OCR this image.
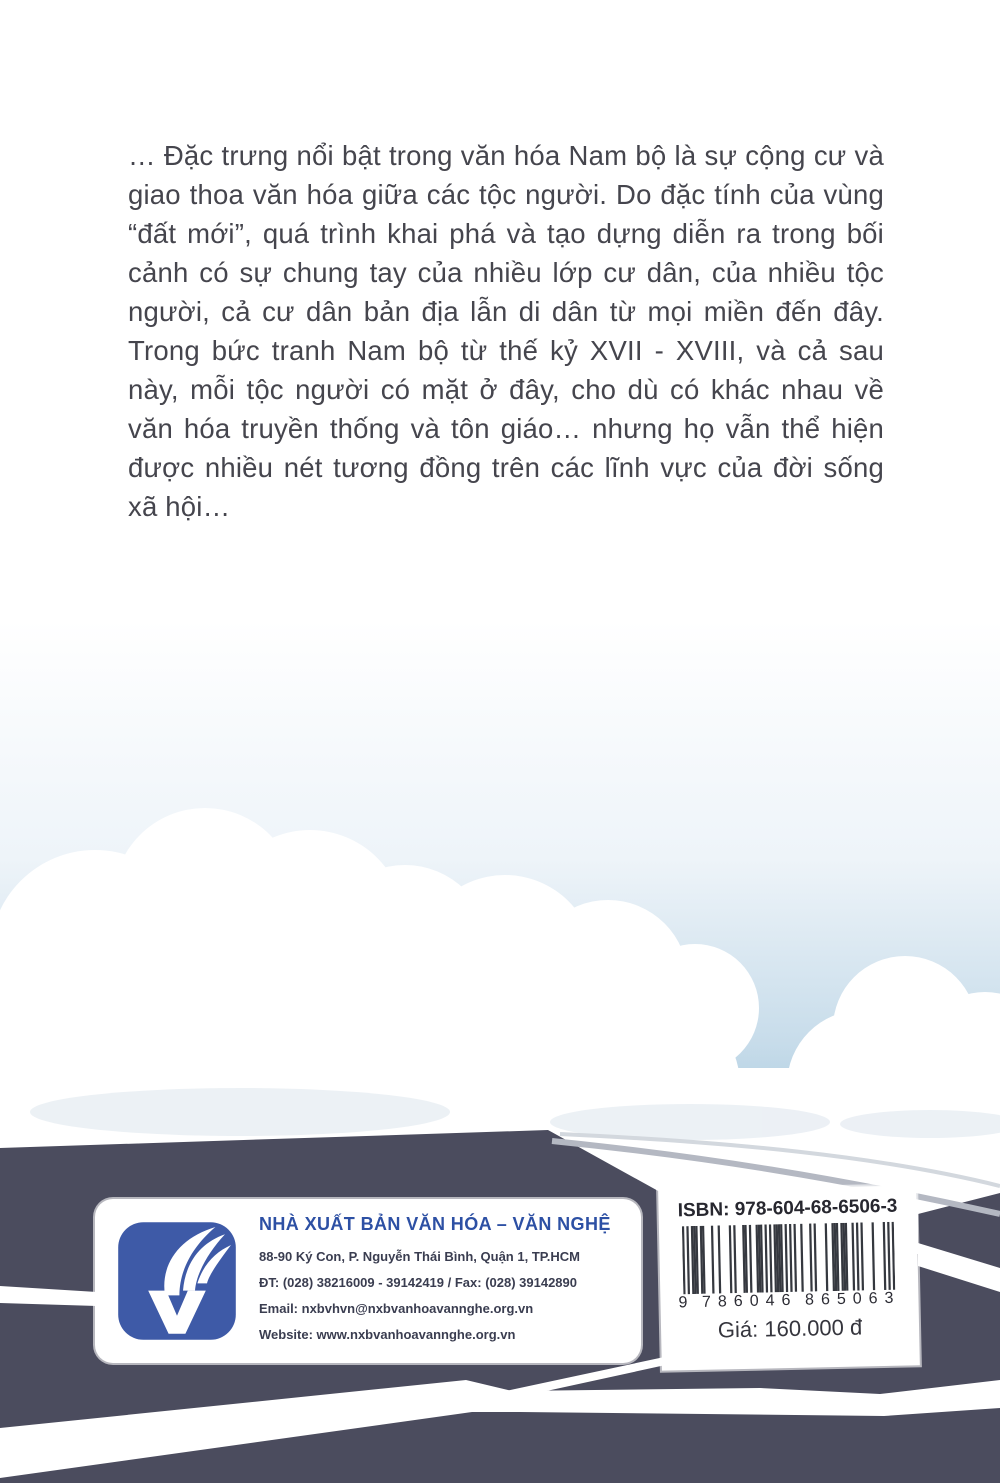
… Đặc trưng nổi bật trong văn hóa Nam bộ là sự cộng cư và giao thoa văn hóa giữa các tộc người. Do đặc tính của vùng “đất mới”, quá trình khai phá và tạo dựng diễn ra trong bối cảnh có sự chung tay của nhiều lớp cư dân, của nhiều tộc người, cả cư dân bản địa lẫn di dân từ mọi miền đến đây. Trong bức tranh Nam bộ từ thế kỷ XVII - XVIII, và cả sau này, mỗi tộc người có mặt ở đây, cho dù có khác nhau về văn hóa truyền thống và tôn giáo… nhưng họ vẫn thể hiện được nhiều nét tương đồng trên các lĩnh vực của đời sống xã hội…
NHÀ XUẤT BẢN VĂN HÓA – VĂN NGHỆ
88-90 Ký Con, P. Nguyễn Thái Bình, Quận 1, TP.HCM
ĐT: (028) 38216009 - 39142419 / Fax: (028) 39142890
Email: nxbvhvn@nxbvanhoavannghe.org.vn
Website: www.nxbvanhoavannghe.org.vn
ISBN: 978-604-68-6506-3
9 786046 865063
Giá: 160.000 đ
